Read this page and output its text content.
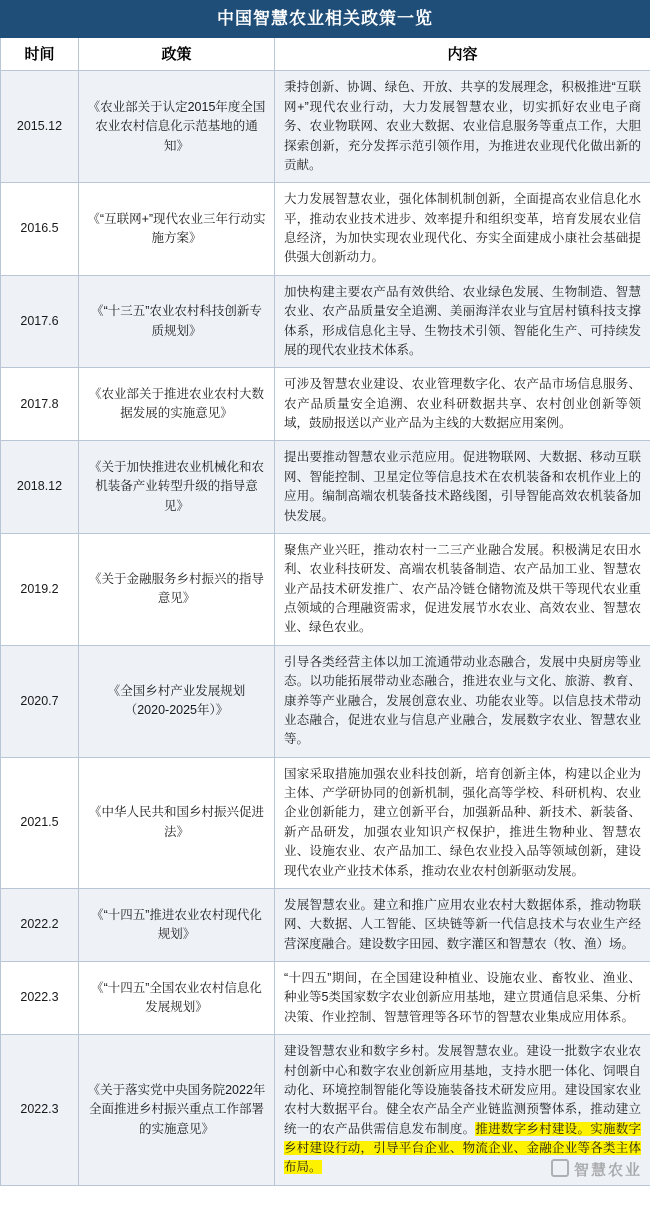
中国智慧农业相关政策一览
时间	政策	内容
2015.12	《农业部关于认定2015年度全国农业农村信息化示范基地的通知》	秉持创新、协调、绿色、开放、共享的发展理念，积极推进“互联网+”现代农业行动，大力发展智慧农业，切实抓好农业电子商务、农业物联网、农业大数据、农业信息服务等重点工作，大胆探索创新，充分发挥示范引领作用，为推进农业现代化做出新的贡献。
2016.5	《“互联网+”现代农业三年行动实施方案》	大力发展智慧农业，强化体制机制创新，全面提高农业信息化水平，推动农业技术进步、效率提升和组织变革，培育发展农业信息经济，为加快实现农业现代化、夯实全面建成小康社会基础提供强大创新动力。
2017.6	《“十三五”农业农村科技创新专质规划》	加快构建主要农产品有效供给、农业绿色发展、生物制造、智慧农业、农产品质量安全追溯、美丽海洋农业与宜居村镇科技支撑体系，形成信息化主导、生物技术引领、智能化生产、可持续发展的现代农业技术体系。
2017.8	《农业部关于推进农业农村大数据发展的实施意见》	可涉及智慧农业建设、农业管理数字化、农产品市场信息服务、农产品质量安全追溯、农业科研数据共享、农村创业创新等领域，鼓励报送以产业产品为主线的大数据应用案例。
2018.12	《关于加快推进农业机械化和农机装备产业转型升级的指导意见》	提出要推动智慧农业示范应用。促进物联网、大数据、移动互联网、智能控制、卫星定位等信息技术在农机装备和农机作业上的应用。编制高端农机装备技术路线图，引导智能高效农机装备加快发展。
2019.2	《关于金融服务乡村振兴的指导意见》	聚焦产业兴旺，推动农村一二三产业融合发展。积极满足农田水利、农业科技研发、高端农机装备制造、农产品加工业、智慧农业产品技术研发推广、农产品冷链仓储物流及烘干等现代农业重点领域的合理融资需求，促进发展节水农业、高效农业、智慧农业、绿色农业。
2020.7	《全国乡村产业发展规划（2020-2025年）》	引导各类经营主体以加工流通带动业态融合，发展中央厨房等业态。以功能拓展带动业态融合，推进农业与文化、旅游、教育、康养等产业融合，发展创意农业、功能农业等。以信息技术带动业态融合，促进农业与信息产业融合，发展数字农业、智慧农业等。
2021.5	《中华人民共和国乡村振兴促进法》	国家采取措施加强农业科技创新，培育创新主体，构建以企业为主体、产学研协同的创新机制，强化高等学校、科研机构、农业企业创新能力，建立创新平台，加强新品种、新技术、新装备、新产品研发，加强农业知识产权保护，推进生物种业、智慧农业、设施农业、农产品加工、绿色农业投入品等领域创新，建设现代农业产业技术体系，推动农业农村创新驱动发展。
2022.2	《“十四五”推进农业农村现代化规划》	发展智慧农业。建立和推广应用农业农村大数据体系，推动物联网、大数据、人工智能、区块链等新一代信息技术与农业生产经营深度融合。建设数字田园、数字灌区和智慧农（牧、渔）场。
2022.3	《“十四五”全国农业农村信息化发展规划》	“十四五”期间，在全国建设种植业、设施农业、畜牧业、渔业、种业等5类国家数字农业创新应用基地，建立贯通信息采集、分析决策、作业控制、智慧管理等各环节的智慧农业集成应用体系。
2022.3	《关于落实党中央国务院2022年全面推进乡村振兴重点工作部署的实施意见》	建设智慧农业和数字乡村。发展智慧农业。建设一批数字农业农村创新中心和数字农业创新应用基地，支持水肥一体化、饲喂自动化、环境控制智能化等设施装备技术研发应用。建设国家农业农村大数据平台。健全农产品全产业链监测预警体系，推动建立统一的农产品供需信息发布制度。推进数字乡村建设。实施数字乡村建设行动，引导平台企业、物流企业、金融企业等各类主体布局。	智慧农业
